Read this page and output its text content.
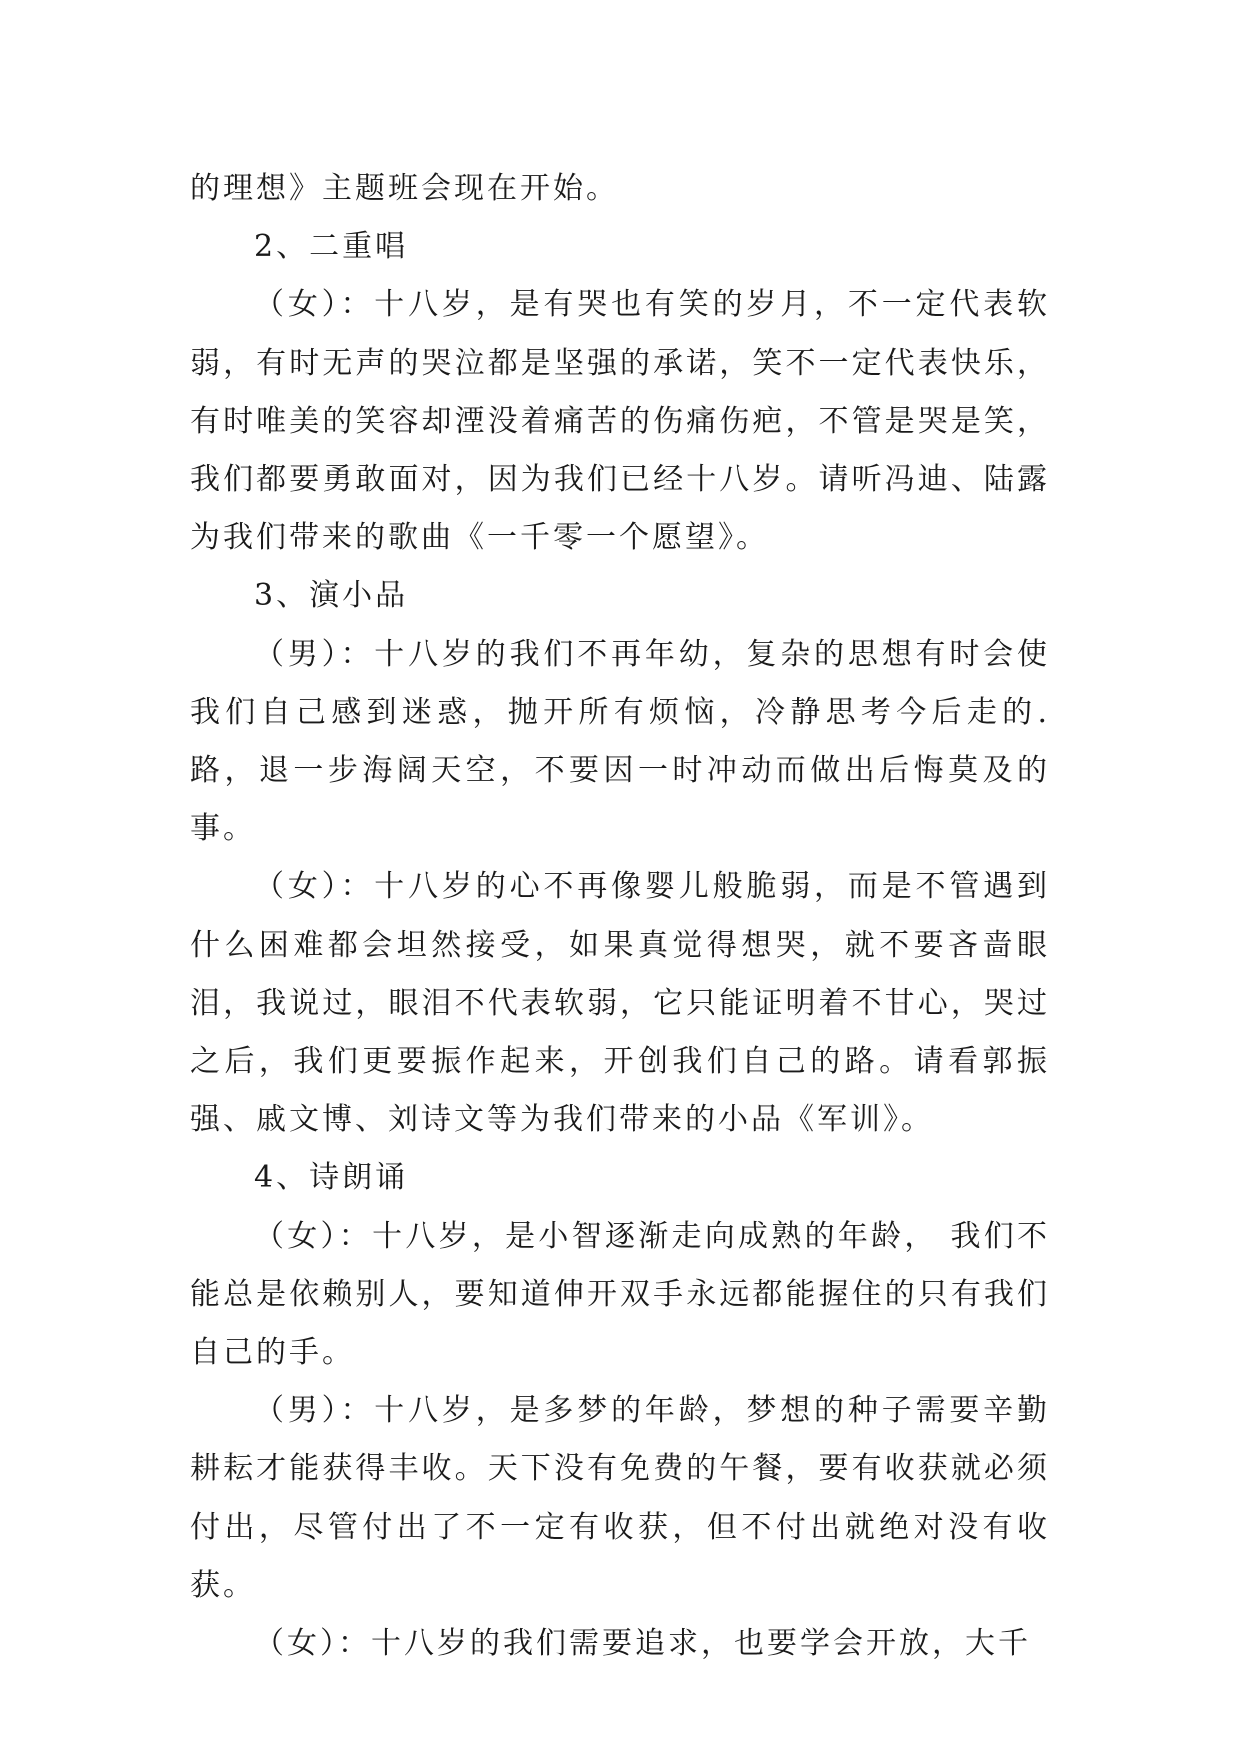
的理想》主题班会现在开始。

2、二重唱

（女）：十八岁，是有哭也有笑的岁月，不一定代表软弱，有时无声的哭泣都是坚强的承诺，笑不一定代表快乐，有时唯美的笑容却湮没着痛苦的伤痛伤疤，不管是哭是笑，我们都要勇敢面对，因为我们已经十八岁。请听冯迪、陆露为我们带来的歌曲《一千零一个愿望》。

3、演小品

（男）：十八岁的我们不再年幼，复杂的思想有时会使我们自己感到迷惑，抛开所有烦恼，冷静思考今后走的.路，退一步海阔天空，不要因一时冲动而做出后悔莫及的事。

（女）：十八岁的心不再像婴儿般脆弱，而是不管遇到什么困难都会坦然接受，如果真觉得想哭，就不要吝啬眼泪，我说过，眼泪不代表软弱，它只能证明着不甘心，哭过之后，我们更要振作起来，开创我们自己的路。请看郭振强、戚文博、刘诗文等为我们带来的小品《军训》。

4、诗朗诵

（女）：十八岁，是小智逐渐走向成熟的年龄， 我们不能总是依赖别人，要知道伸开双手永远都能握住的只有我们自己的手。

（男）：十八岁，是多梦的年龄，梦想的种子需要辛勤耕耘才能获得丰收。天下没有免费的午餐，要有收获就必须付出，尽管付出了不一定有收获，但不付出就绝对没有收获。

（女）：十八岁的我们需要追求，也要学会开放，大千
